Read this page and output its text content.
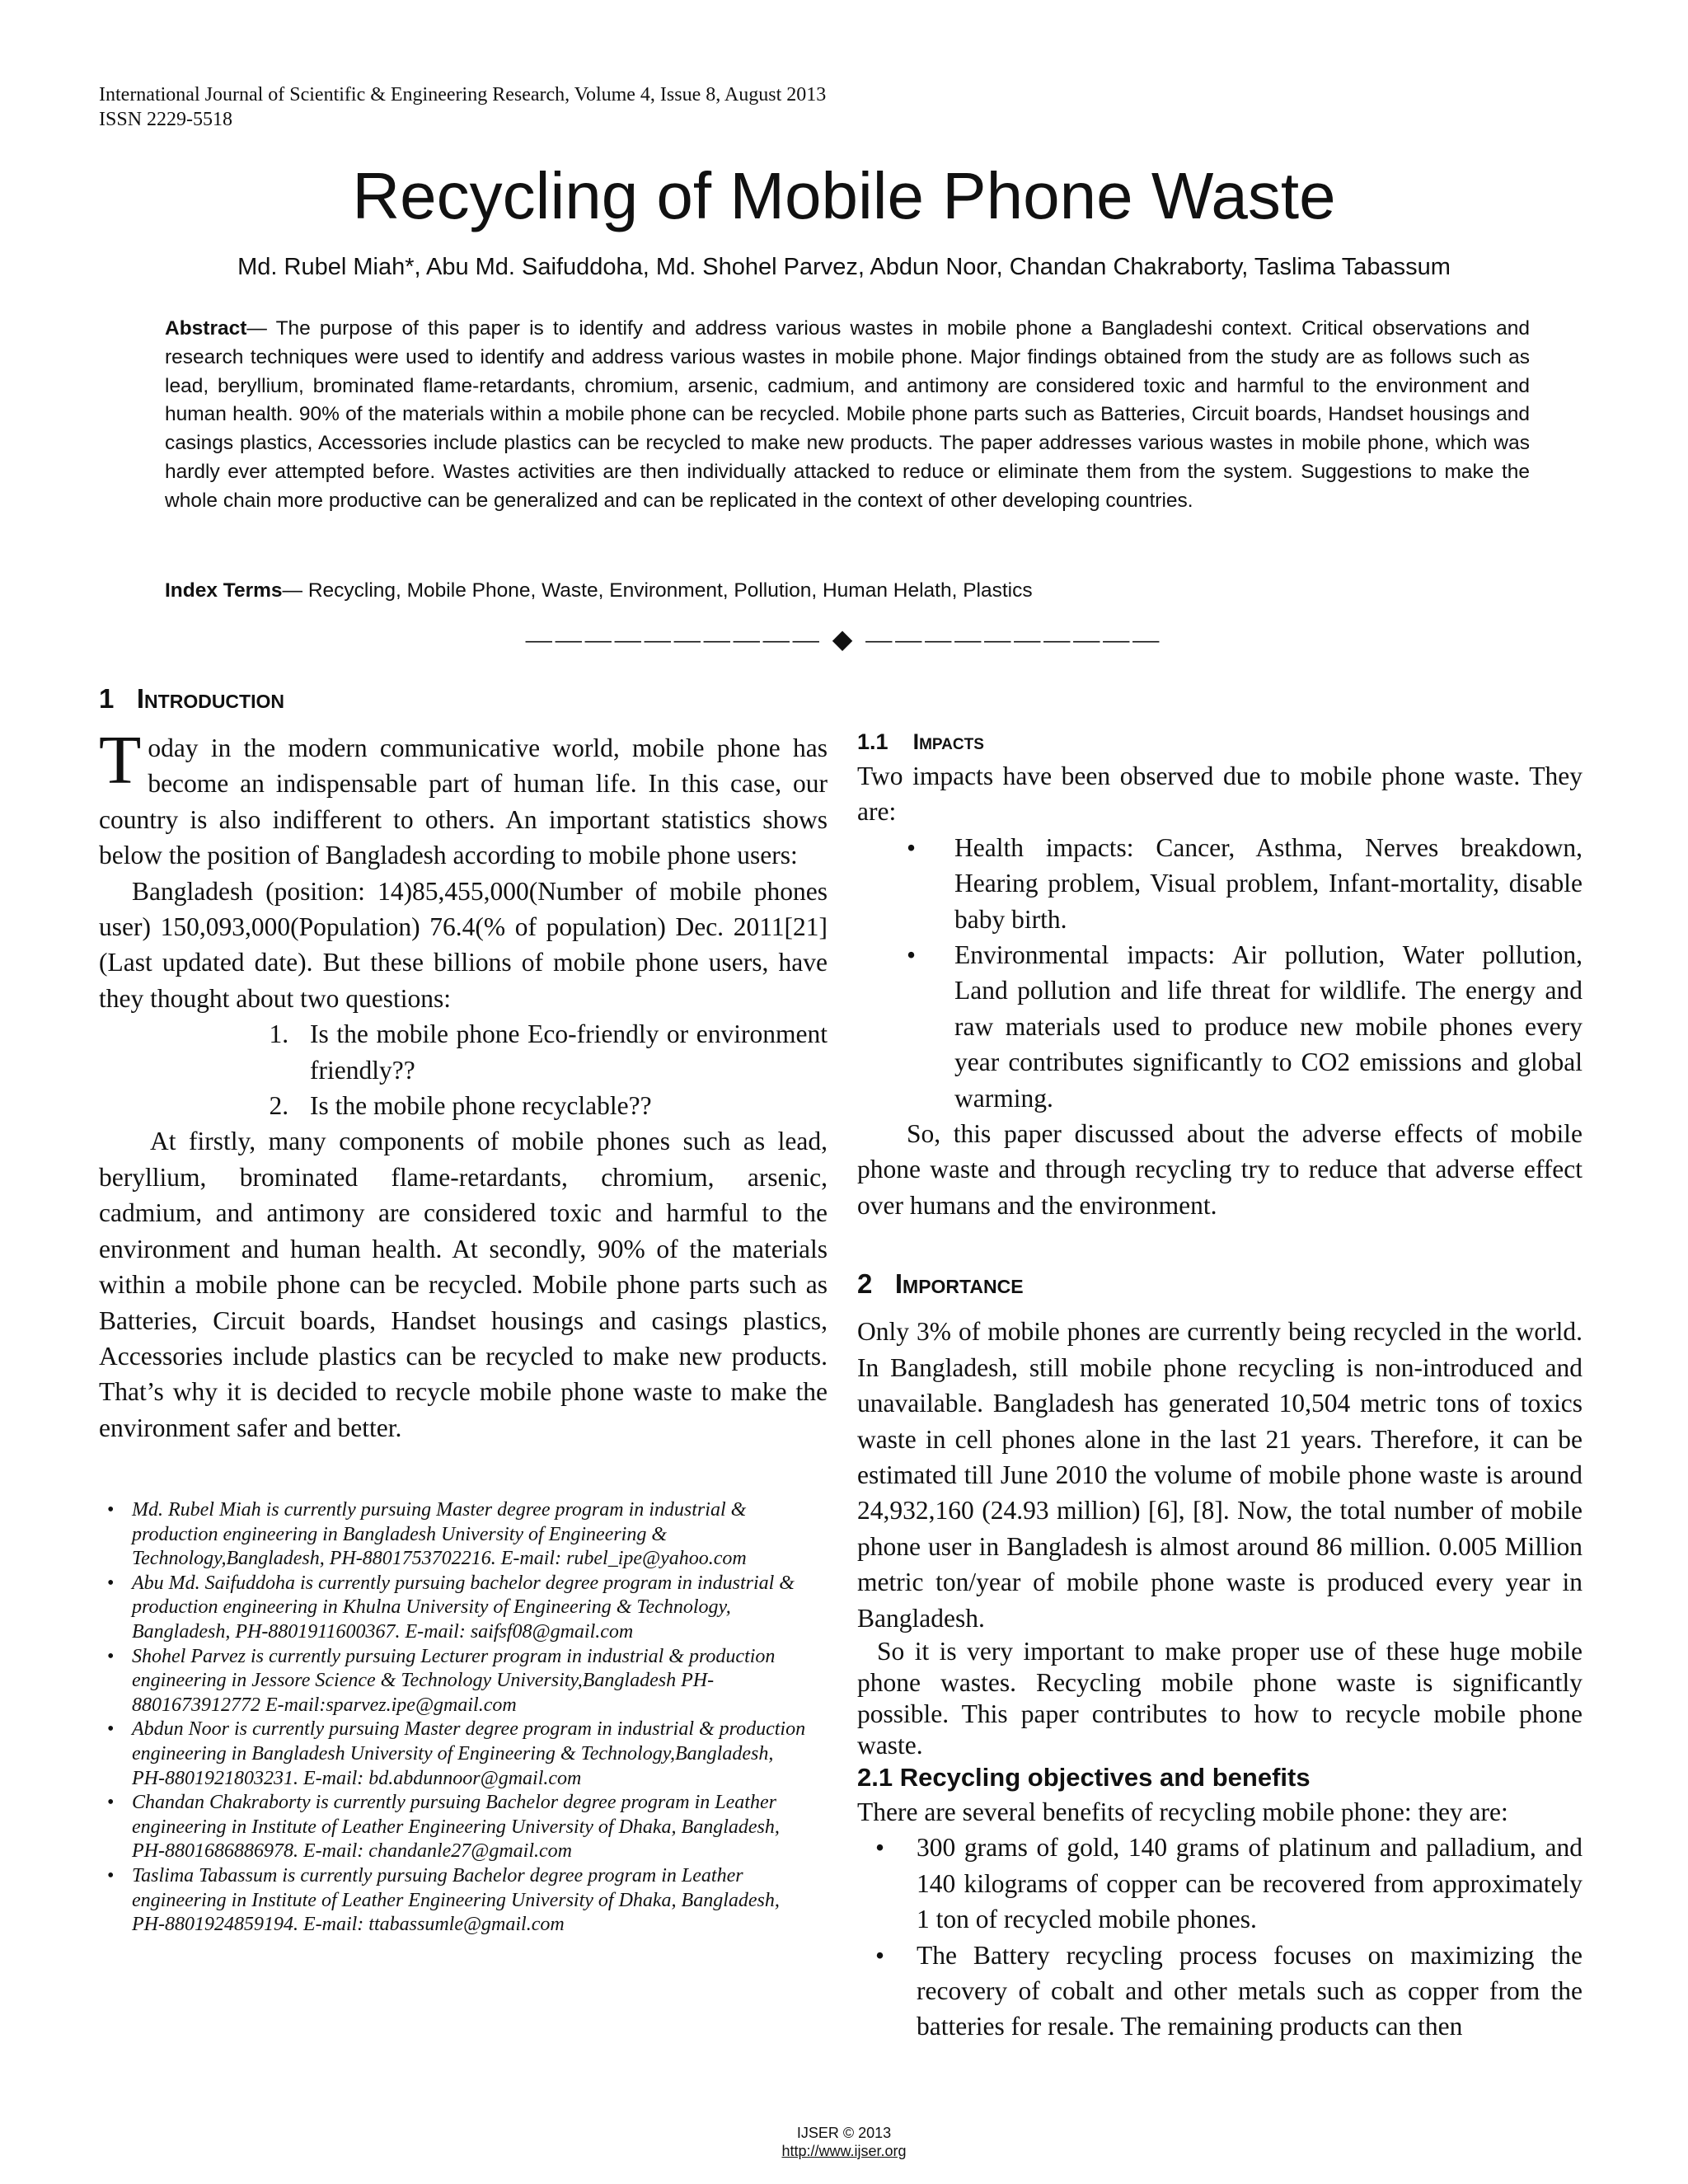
International Journal of Scientific & Engineering Research, Volume 4, Issue 8, August 2013
ISSN 2229-5518
Recycling of Mobile Phone Waste
Md. Rubel Miah*, Abu Md. Saifuddoha, Md. Shohel Parvez, Abdun Noor, Chandan Chakraborty, Taslima Tabassum

Abstract— The purpose of this paper is to identify and address various wastes in mobile phone a Bangladeshi context. Critical observations and research techniques were used to identify and address various wastes in mobile phone. Major findings obtained from the study are as follows such as lead, beryllium, brominated flame-retardants, chromium, arsenic, cadmium, and antimony are considered toxic and harmful to the environment and human health. 90% of the materials within a mobile phone can be recycled. Mobile phone parts such as Batteries, Circuit boards, Handset housings and casings plastics, Accessories include plastics can be recycled to make new products. The paper addresses various wastes in mobile phone, which was hardly ever attempted before. Wastes activities are then individually attacked to reduce or eliminate them from the system. Suggestions to make the whole chain more productive can be generalized and can be replicated in the context of other developing countries.

Index Terms— Recycling, Mobile Phone, Waste, Environment, Pollution, Human Helath, Plastics

—————————— ◆ ——————————
1 Introduction

Today in the modern communicative world, mobile phone has become an indispensable part of human life. In this case, our country is also indifferent to others. An important statistics shows below the position of Bangladesh according to mobile phone users:

Bangladesh (position: 14)85,455,000(Number of mobile phones user) 150,093,000(Population) 76.4(% of population) Dec. 2011[21] (Last updated date). But these billions of mobile phone users, have they thought about two questions:

1. Is the mobile phone Eco-friendly or environment friendly??
2. Is the mobile phone recyclable??

At firstly, many components of mobile phones such as lead, beryllium, brominated flame-retardants, chromium, arsenic, cadmium, and antimony are considered toxic and harmful to the environment and human health. At secondly, 90% of the materials within a mobile phone can be recycled. Mobile phone parts such as Batteries, Circuit boards, Handset housings and casings plastics, Accessories include plastics can be recycled to make new products. That’s why it is decided to recycle mobile phone waste to make the environment safer and better.

• Md. Rubel Miah is currently pursuing Master degree program in industrial & production engineering in Bangladesh University of Engineering & Technology,Bangladesh, PH-8801753702216. E-mail: rubel_ipe@yahoo.com
• Abu Md. Saifuddoha is currently pursuing bachelor degree program in industrial & production engineering in Khulna University of Engineering & Technology, Bangladesh, PH-8801911600367. E-mail: saifsf08@gmail.com
• Shohel Parvez is currently pursuing Lecturer program in industrial & production engineering in Jessore Science & Technology University,Bangladesh PH-8801673912772 E-mail:sparvez.ipe@gmail.com
• Abdun Noor is currently pursuing Master degree program in industrial & production engineering in Bangladesh University of Engineering & Technology,Bangladesh, PH-8801921803231. E-mail: bd.abdunnoor@gmail.com
• Chandan Chakraborty is currently pursuing Bachelor degree program in Leather engineering in Institute of Leather Engineering University of Dhaka, Bangladesh, PH-8801686886978. E-mail: chandanle27@gmail.com
• Taslima Tabassum is currently pursuing Bachelor degree program in Leather engineering in Institute of Leather Engineering University of Dhaka, Bangladesh, PH-8801924859194. E-mail: ttabassumle@gmail.com
1.1 Impacts

Two impacts have been observed due to mobile phone waste. They are:

• Health impacts: Cancer, Asthma, Nerves breakdown, Hearing problem, Visual problem, Infant-mortality, disable baby birth.
• Environmental impacts: Air pollution, Water pollution, Land pollution and life threat for wildlife. The energy and raw materials used to produce new mobile phones every year contributes significantly to CO2 emissions and global warming.

So, this paper discussed about the adverse effects of mobile phone waste and through recycling try to reduce that adverse effect over humans and the environment.

2 Importance

Only 3% of mobile phones are currently being recycled in the world. In Bangladesh, still mobile phone recycling is non-introduced and unavailable. Bangladesh has generated 10,504 metric tons of toxics waste in cell phones alone in the last 21 years. Therefore, it can be estimated till June 2010 the volume of mobile phone waste is around 24,932,160 (24.93 million) [6], [8]. Now, the total number of mobile phone user in Bangladesh is almost around 86 million. 0.005 Million metric ton/year of mobile phone waste is produced every year in Bangladesh.

So it is very important to make proper use of these huge mobile phone wastes. Recycling mobile phone waste is significantly possible. This paper contributes to how to recycle mobile phone waste.

2.1 Recycling objectives and benefits

There are several benefits of recycling mobile phone: they are:

• 300 grams of gold, 140 grams of platinum and palladium, and 140 kilograms of copper can be recovered from approximately 1 ton of recycled mobile phones.
• The Battery recycling process focuses on maximizing the recovery of cobalt and other metals such as copper from the batteries for resale. The remaining products can then
IJSER © 2013
http://www.ijser.org
